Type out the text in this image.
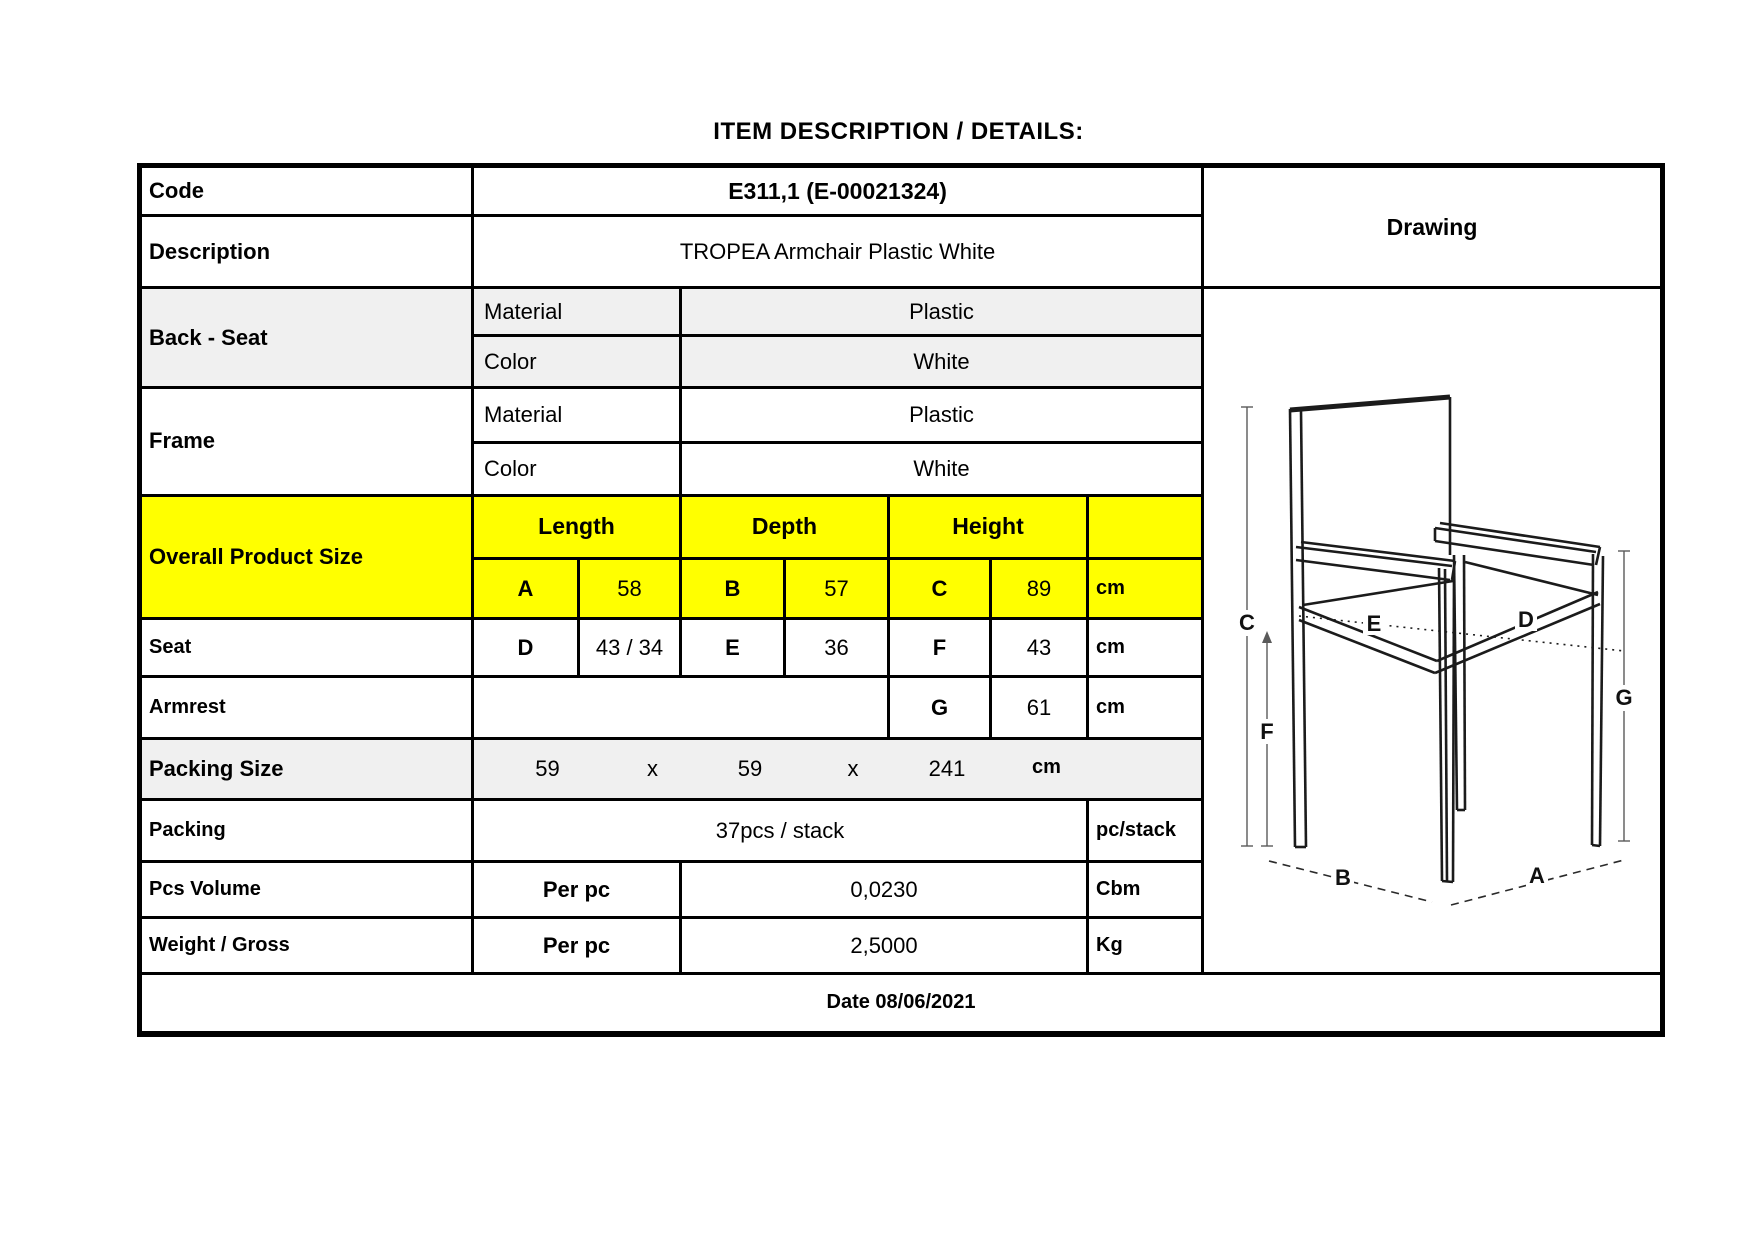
ITEM DESCRIPTION / DETAILS:
Code	E311,1 (E-00021324)							Drawing
Description	TROPEA Armchair Plastic White							
Back - Seat	Material	Plastic	
C
F
G
E	D
B	A

	Color		White					
Frame	Material		Plastic					
	Color		White					
Overall Product Size	Length		Depth		Height			
	A	58	B	57	C	89	cm	
Seat	D	43 / 34	E	36	F	43	cm	
Armrest					G	61	cm	
Packing Size	59	x	59	x	241	cm

Packing	37pcs / stack						pc/stack	
Pcs Volume	Per pc		0,0230				Cbm	
Weight / Gross	Per pc		2,5000				Kg	
Date 08/06/2021								
